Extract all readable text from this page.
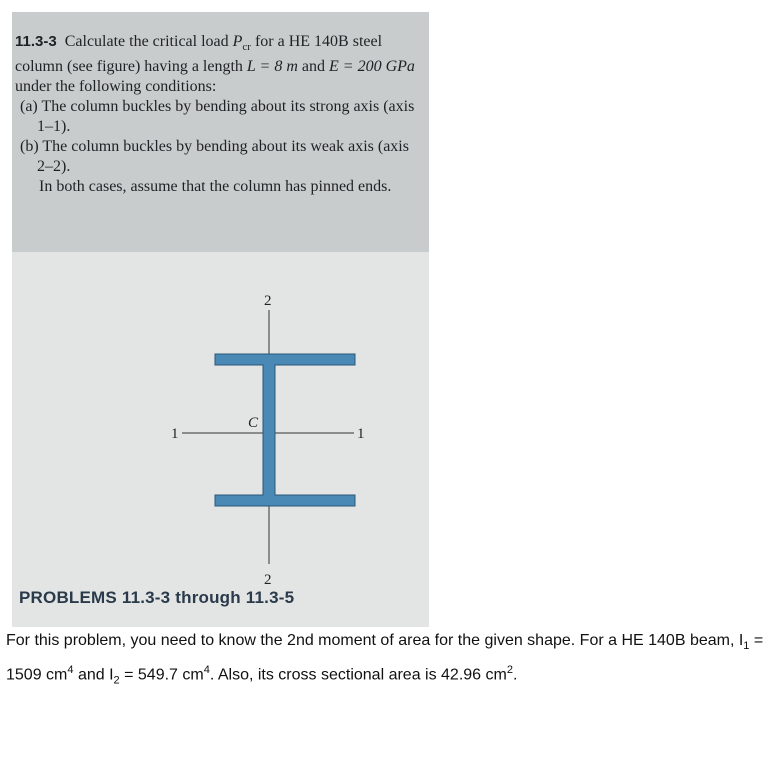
11.3-3 Calculate the critical load $P_{cr}$ for a HE 140B steel column (see figure) having a length L = 8 m and E = 200 GPa under the following conditions:

(a) The column buckles by bending about its strong axis (axis 1–1).

(b) The column buckles by bending about its weak axis (axis 2–2).

In both cases, assume that the column has pinned ends.

2
2
1	1
C
PROBLEMS 11.3-3 through 11.3-5
For this problem, you need to know the 2nd moment of area for the given shape. For a HE 140B beam, $I_1 = 1509$ $cm^4$ and $I_2 = 549.7$ $cm^4$. Also, its cross sectional area is 42.96 $cm^2$.
